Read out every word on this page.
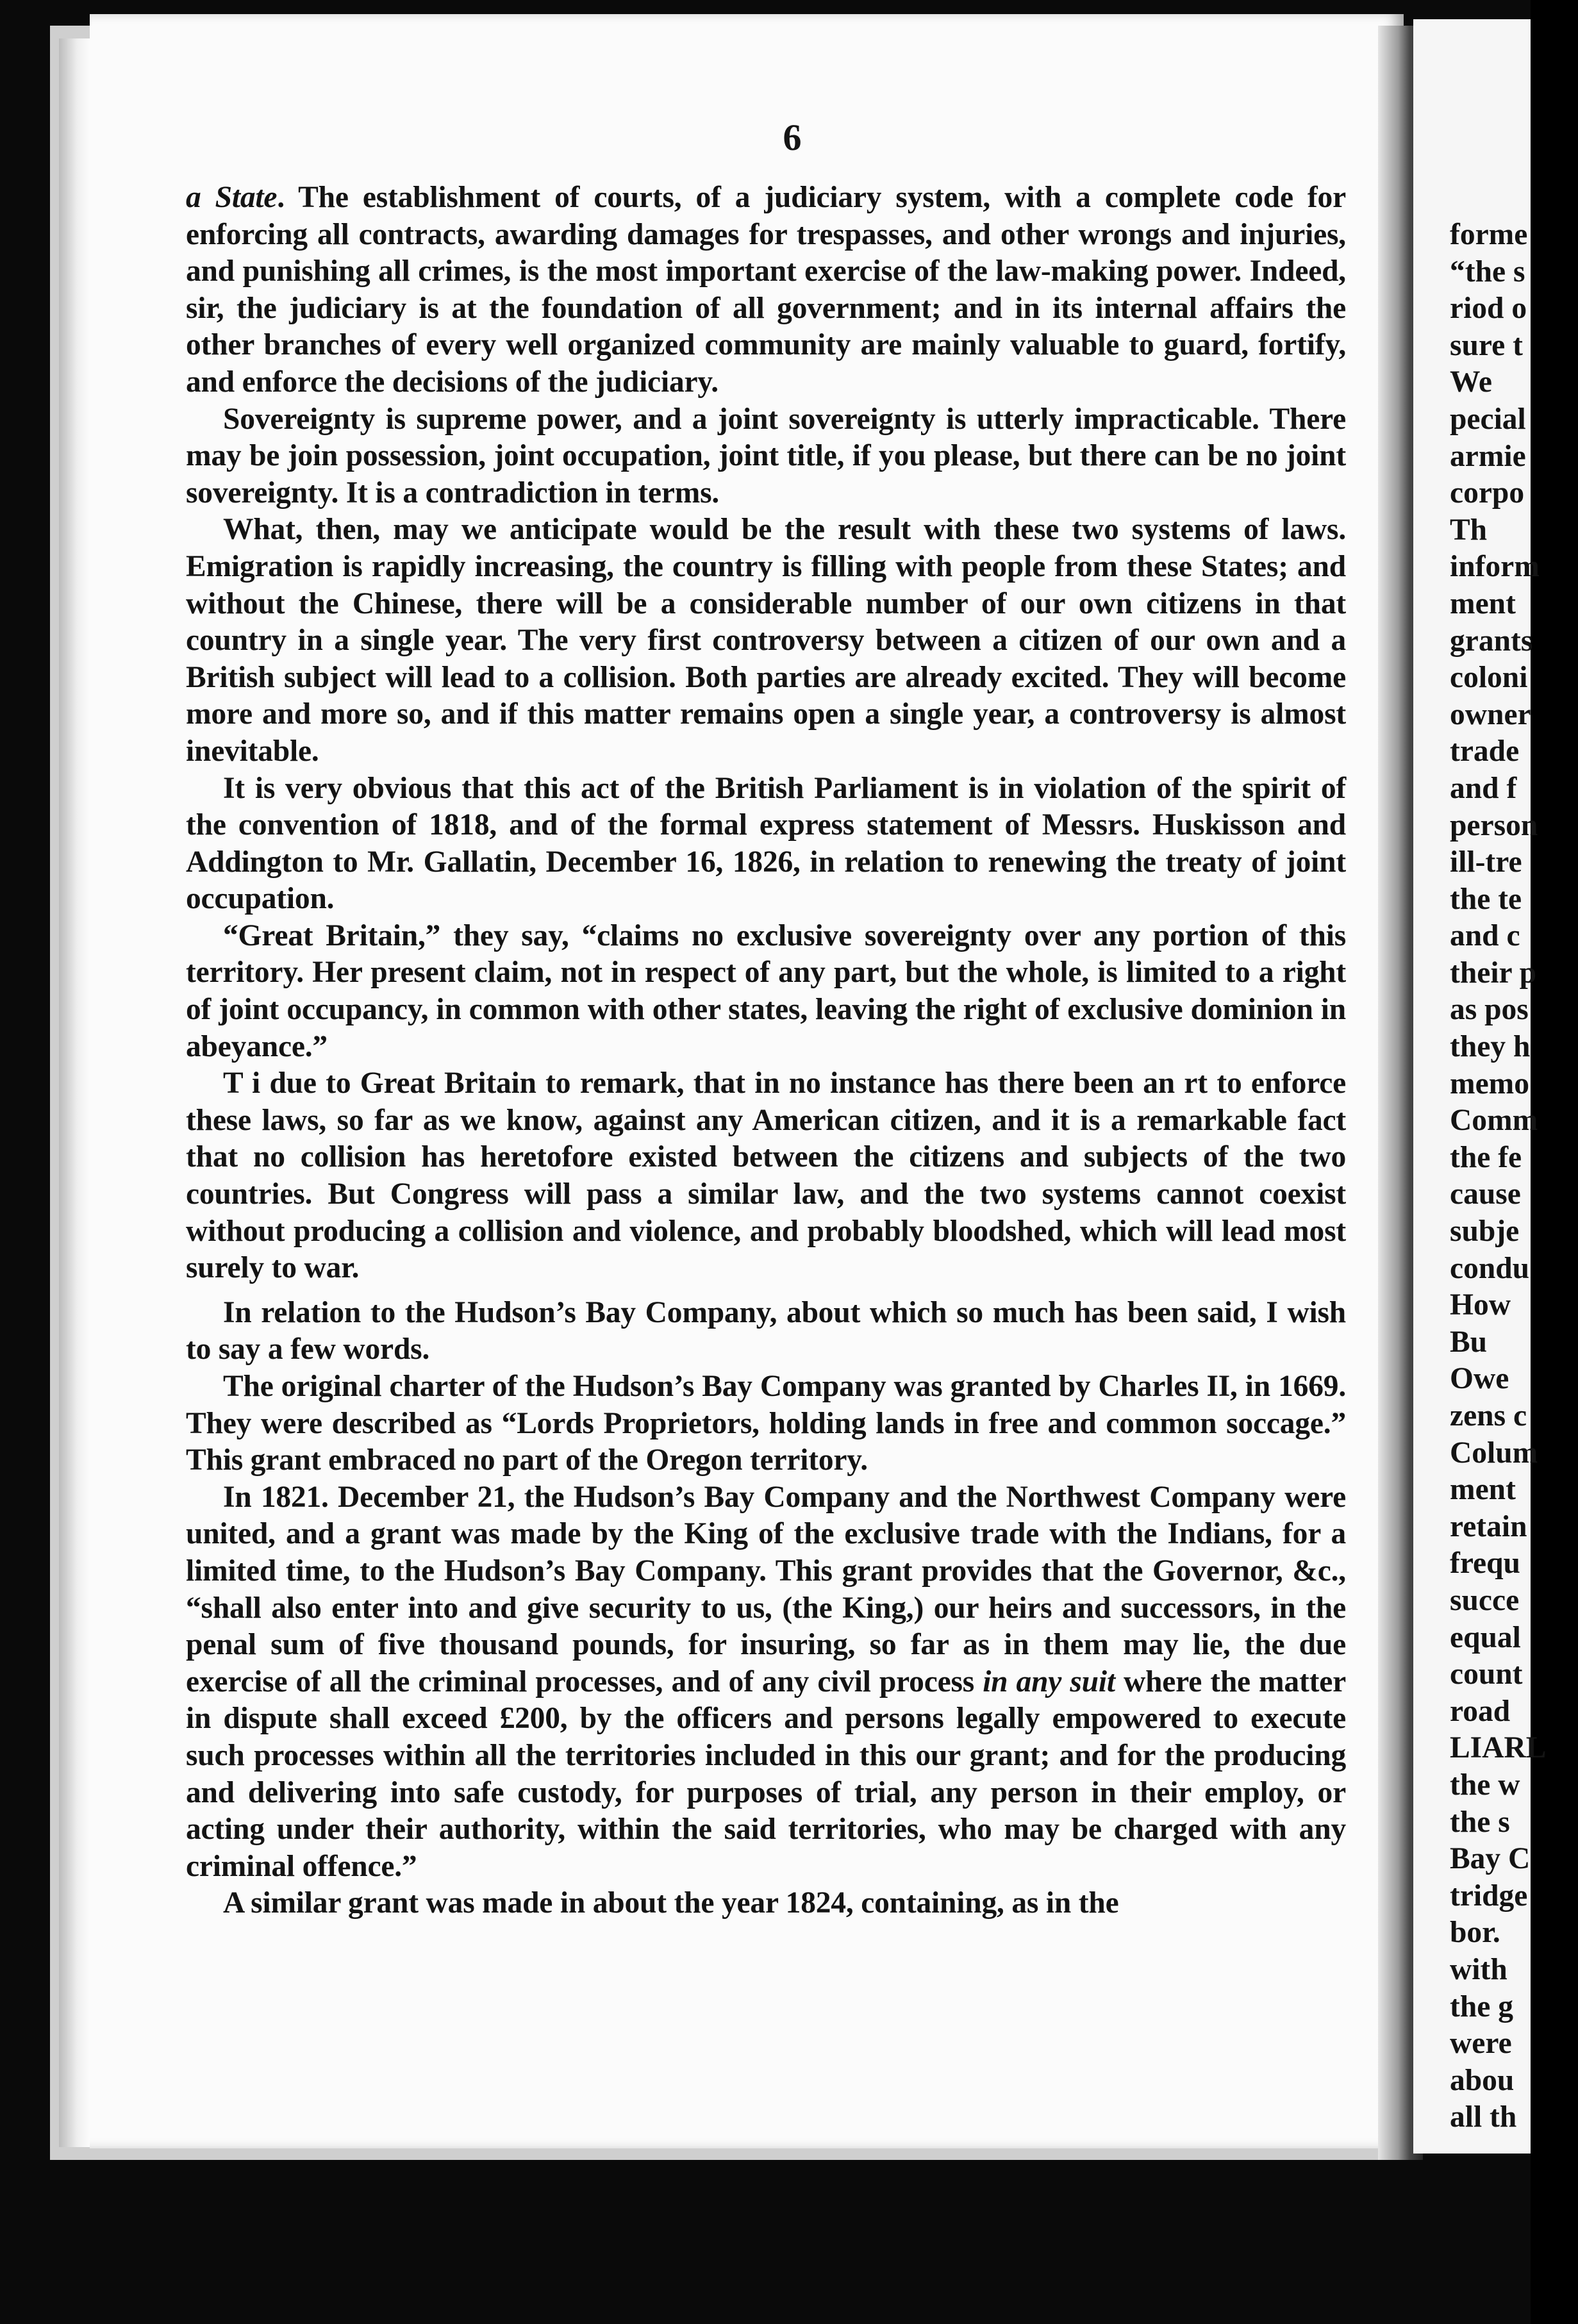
6

a State. The establishment of courts, of a judiciary system, with a complete code for enforcing all contracts, awarding damages for trespasses, and other wrongs and injuries, and punishing all crimes, is the most important exercise of the law-making power. Indeed, sir, the judiciary is at the foundation of all government; and in its internal affairs the other branches of every well organized community are mainly valuable to guard, fortify, and enforce the decisions of the judiciary.

Sovereignty is supreme power, and a joint sovereignty is utterly impracticable. There may be join possession, joint occupation, joint title, if you please, but there can be no joint sovereignty. It is a contradiction in terms.

What, then, may we anticipate would be the result with these two systems of laws. Emigration is rapidly increasing, the country is filling with people from these States; and without the Chinese, there will be a considerable number of our own citizens in that country in a single year. The very first controversy between a citizen of our own and a British subject will lead to a collision. Both parties are already excited. They will become more and more so, and if this matter remains open a single year, a controversy is almost inevitable.

It is very obvious that this act of the British Parliament is in violation of the spirit of the convention of 1818, and of the formal express statement of Messrs. Huskisson and Addington to Mr. Gallatin, December 16, 1826, in relation to renewing the treaty of joint occupation.

“Great Britain,” they say, “claims no exclusive sovereignty over any portion of this territory. Her present claim, not in respect of any part, but the whole, is limited to a right of joint occupancy, in common with other states, leaving the right of exclusive dominion in abeyance.”

T i due to Great Britain to remark, that in no instance has there been an rt to enforce these laws, so far as we know, against any American citizen, and it is a remarkable fact that no collision has heretofore existed between the citizens and subjects of the two countries. But Congress will pass a similar law, and the two systems cannot coexist without producing a collision and violence, and probably bloodshed, which will lead most surely to war.

In relation to the Hudson’s Bay Company, about which so much has been said, I wish to say a few words.

The original charter of the Hudson’s Bay Company was granted by Charles II, in 1669. They were described as “Lords Proprietors, holding lands in free and common soccage.” This grant embraced no part of the Oregon territory.

In 1821. December 21, the Hudson’s Bay Company and the Northwest Company were united, and a grant was made by the King of the exclusive trade with the Indians, for a limited time, to the Hudson’s Bay Company. This grant provides that the Governor, &c., “shall also enter into and give security to us, (the King,) our heirs and successors, in the penal sum of five thousand pounds, for insuring, so far as in them may lie, the due exercise of all the criminal processes, and of any civil process in any suit where the matter in dispute shall exceed £200, by the officers and persons legally empowered to execute such processes within all the territories included in this our grant; and for the producing and delivering into safe custody, for purposes of trial, any person in their employ, or acting under their authority, within the said territories, who may be charged with any criminal offence.”

A similar grant was made in about the year 1824, containing, as in the

forme
“the s
riod o
sure t
We
pecial
armie
corpo
Th
inform
ment
grants
coloni
owner
trade
and f
person
ill-tre
the te
and c
their p
as pos
they h
memo
Comm
the fe
cause
subje
condu
How
Bu
Owe
zens c
Colum
ment
retain
frequ
succe
equal
count
road
LIARL
the w
the s
Bay C
tridge
bor.
with
the g
were
abou
all th
